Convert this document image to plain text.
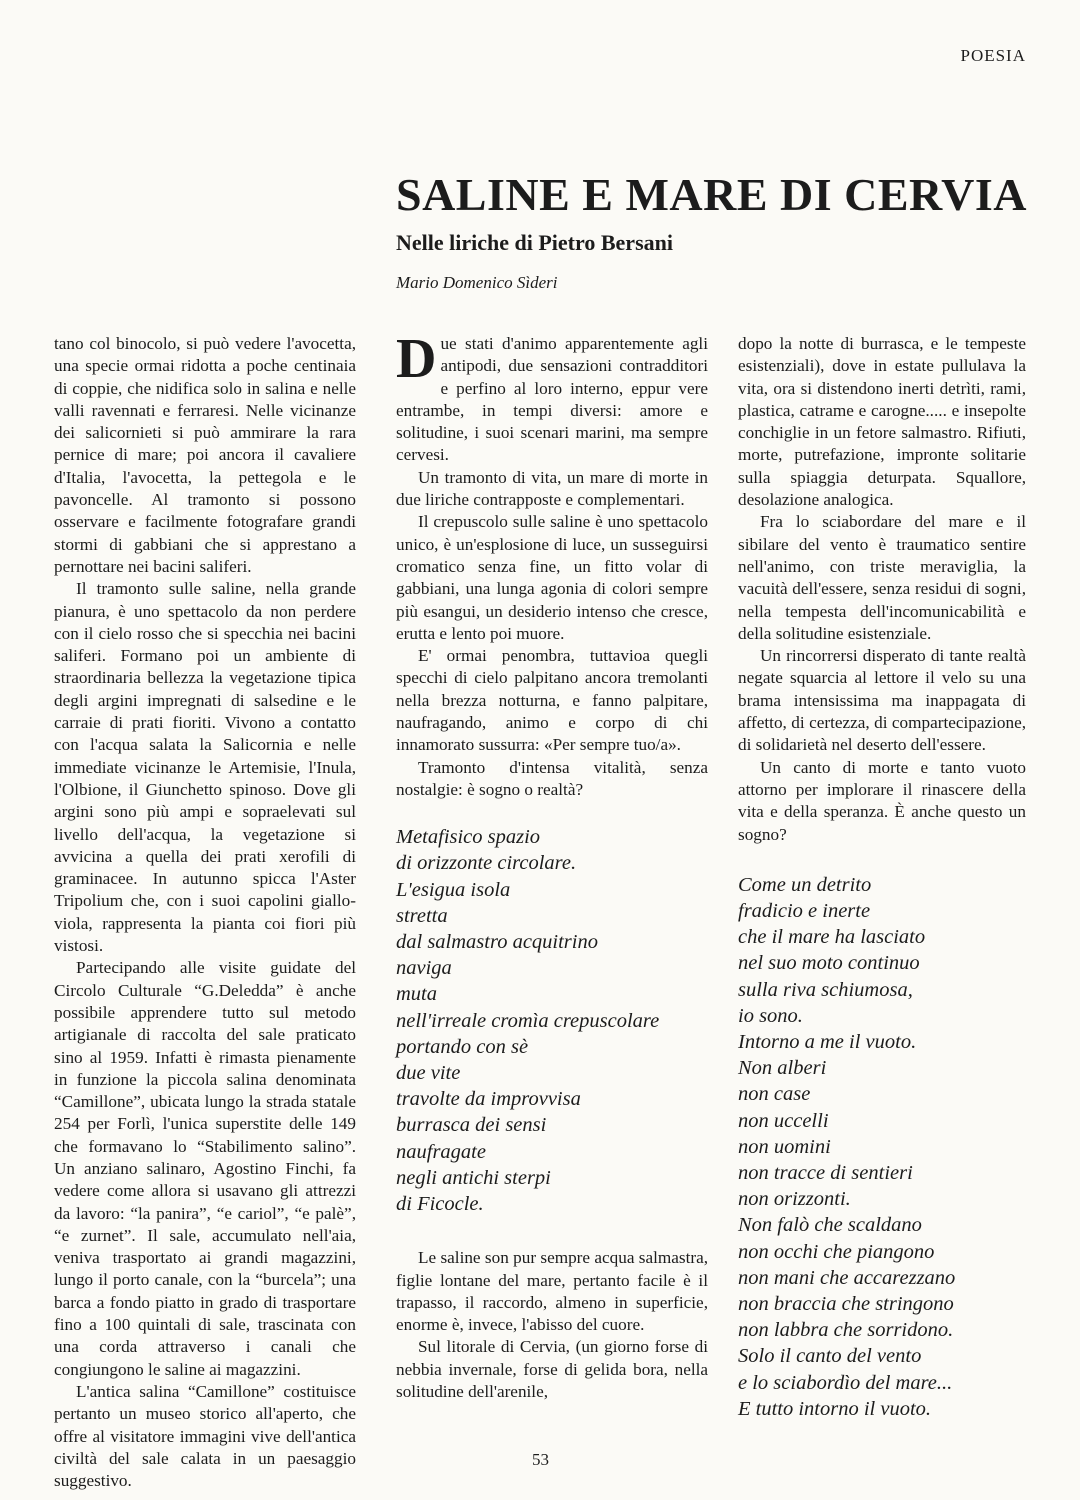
POESIA
SALINE E MARE DI CERVIA
Nelle liriche di Pietro Bersani
Mario Domenico Sìderi

tano col binocolo, si può vedere l'avocetta, una specie ormai ridotta a poche centinaia di coppie, che nidifica solo in salina e nelle valli ravennati e ferraresi. Nelle vicinanze dei salicornieti si può ammirare la rara pernice di mare; poi ancora il cavaliere d'Italia, l'avocetta, la pettegola e le pavoncelle. Al tramonto si possono osservare e facilmente fotografare grandi stormi di gabbiani che si apprestano a pernottare nei bacini saliferi.

Il tramonto sulle saline, nella grande pianura, è uno spettacolo da non perdere con il cielo rosso che si specchia nei bacini saliferi. Formano poi un ambiente di straordinaria bellezza la vegetazione tipica degli argini impregnati di salsedine e le carraie di prati fioriti. Vivono a contatto con l'acqua salata la Salicornia e nelle immediate vicinanze le Artemisie, l'Inula, l'Olbione, il Giunchetto spinoso. Dove gli argini sono più ampi e sopraelevati sul livello dell'acqua, la vegetazione si avvicina a quella dei prati xerofili di graminacee. In autunno spicca l'Aster Tripolium che, con i suoi capolini giallo-viola, rappresenta la pianta coi fiori più vistosi.

Partecipando alle visite guidate del Circolo Culturale “G.Deledda” è anche possibile apprendere tutto sul metodo artigianale di raccolta del sale praticato sino al 1959. Infatti è rimasta pienamente in funzione la piccola salina denominata “Camillone”, ubicata lungo la strada statale 254 per Forlì, l'unica superstite delle 149 che formavano lo “Stabilimento salino”. Un anziano salinaro, Agostino Finchi, fa vedere come allora si usavano gli attrezzi da lavoro: “la panira”, “e cariol”, “e palè”, “e zurnet”. Il sale, accumulato nell'aia, veniva trasportato ai grandi magazzini, lungo il porto canale, con la “burcela”; una barca a fondo piatto in grado di trasportare fino a 100 quintali di sale, trascinata con una corda attraverso i canali che congiungono le saline ai magazzini.

L'antica salina “Camillone” costituisce pertanto un museo storico all'aperto, che offre al visitatore immagini vive dell'antica civiltà del sale calata in un paesaggio suggestivo.

Due stati d'animo apparentemente agli antipodi, due sensazioni contradditori e perfino al loro interno, eppur vere entrambe, in tempi diversi: amore e solitudine, i suoi scenari marini, ma sempre cervesi.

Un tramonto di vita, un mare di morte in due liriche contrapposte e complementari.

Il crepuscolo sulle saline è uno spettacolo unico, è un'esplosione di luce, un susseguirsi cromatico senza fine, un fitto volar di gabbiani, una lunga agonia di colori sempre più esangui, un desiderio intenso che cresce, erutta e lento poi muore.

E' ormai penombra, tuttavioa quegli specchi di cielo palpitano ancora tremolanti nella brezza notturna, e fanno palpitare, naufragando, animo e corpo di chi innamorato sussurra: «Per sempre tuo/a».

Tramonto d'intensa vitalità, senza nostalgie: è sogno o realtà?

Metafisico spazio
di orizzonte circolare.
L'esigua isola
stretta
dal salmastro acquitrino
naviga
muta
nell'irreale cromìa crepuscolare
portando con sè
due vite
travolte da improvvisa
burrasca dei sensi
naufragate
negli antichi sterpi
di Ficocle.

Le saline son pur sempre acqua salmastra, figlie lontane del mare, pertanto facile è il trapasso, il raccordo, almeno in superficie, enorme è, invece, l'abisso del cuore.

Sul litorale di Cervia, (un giorno forse di nebbia invernale, forse di gelida bora, nella solitudine dell'arenile,

dopo la notte di burrasca, e le tempeste esistenziali), dove in estate pullulava la vita, ora si distendono inerti detrìti, rami, plastica, catrame e carogne..... e insepolte conchiglie in un fetore salmastro. Rifiuti, morte, putrefazione, impronte solitarie sulla spiaggia deturpata. Squallore, desolazione analogica.

Fra lo sciabordare del mare e il sibilare del vento è traumatico sentire nell'animo, con triste meraviglia, la vacuità dell'essere, senza residui di sogni, nella tempesta dell'incomunicabilità e della solitudine esistenziale.

Un rincorrersi disperato di tante realtà negate squarcia al lettore il velo su una brama intensissima ma inappagata di affetto, di certezza, di compartecipazione, di solidarietà nel deserto dell'essere.

Un canto di morte e tanto vuoto attorno per implorare il rinascere della vita e della speranza. È anche questo un sogno?

Come un detrito
fradicio e inerte
che il mare ha lasciato
nel suo moto continuo
sulla riva schiumosa,
io sono.
Intorno a me il vuoto.
Non alberi
non case
non uccelli
non uomini
non tracce di sentieri
non orizzonti.
Non falò che scaldano
non occhi che piangono
non mani che accarezzano
non braccia che stringono
non labbra che sorridono.
Solo il canto del vento
e lo sciabordìo del mare...
E tutto intorno il vuoto.
53
